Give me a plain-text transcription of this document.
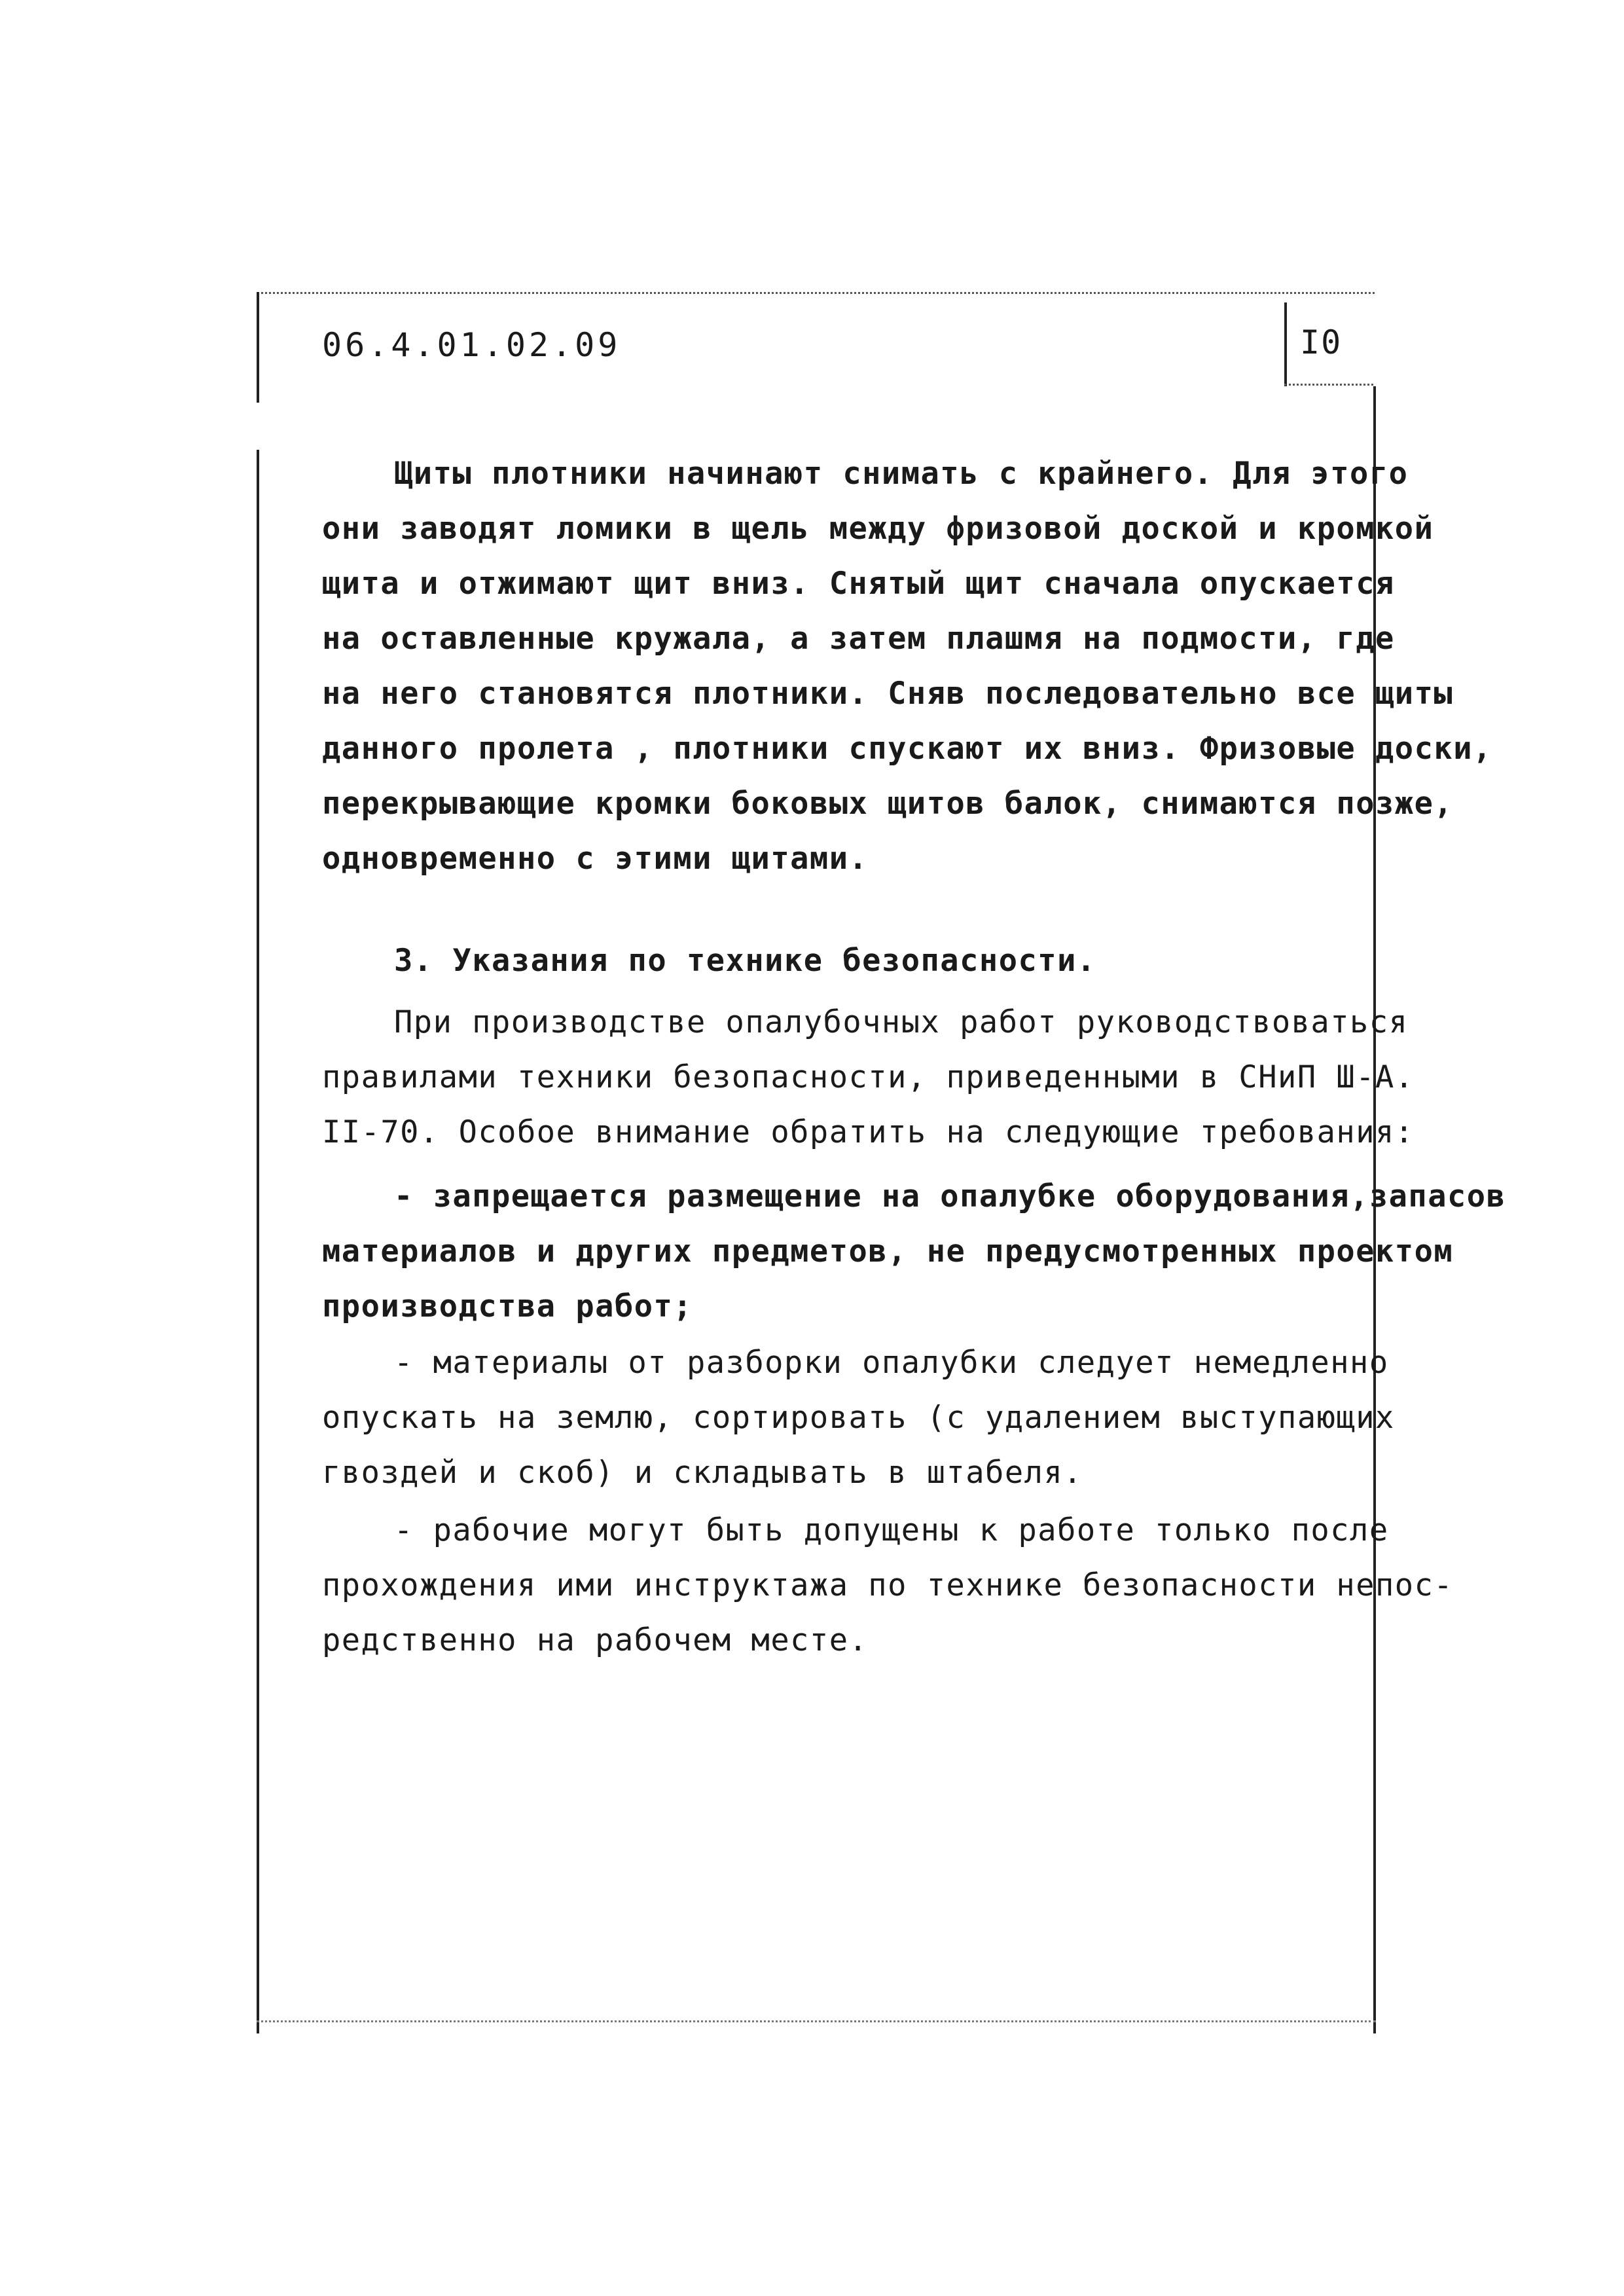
06.4.01.02.09	I0
Щиты плотники начинают снимать с крайнего. Для этого
они заводят ломики в щель между фризовой доской и кромкой
щита и отжимают щит вниз. Снятый щит сначала опускается
на оставленные кружала, а затем плашмя на подмости, где
на него становятся плотники. Сняв последовательно все щиты
данного пролета , плотники спускают их вниз. Фризовые доски,
перекрывающие кромки боковых щитов балок, снимаются позже,
одновременно с этими щитами.
3. Указания по технике безопасности.
При производстве опалубочных работ руководствоваться
правилами техники безопасности, приведенными в СНиП Ш-А.
II-70. Особое внимание обратить на следующие требования:
- запрещается размещение на опалубке оборудования,запасов
материалов и других предметов, не предусмотренных проектом
производства работ;
- материалы от разборки опалубки следует немедленно
опускать на землю, сортировать (с удалением выступающих
гвоздей и скоб) и складывать в штабеля.
- рабочие могут быть допущены к работе только после
прохождения ими инструктажа по технике безопасности непос-
редственно на рабочем месте.
